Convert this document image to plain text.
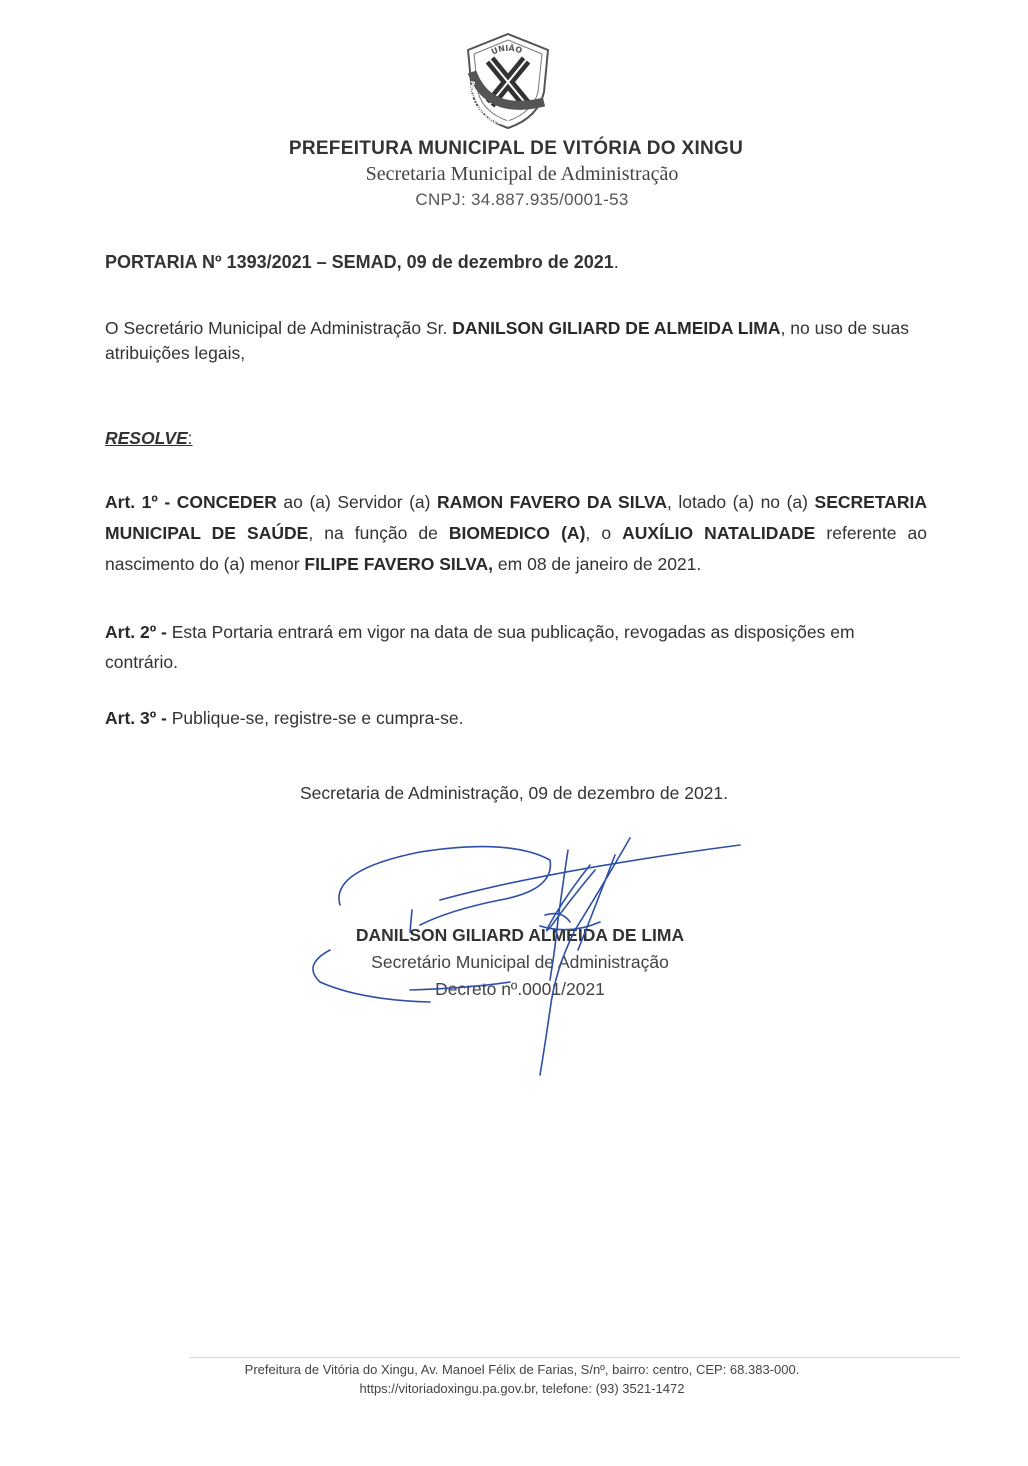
UNIÃO
PARA O PROGRESSO
PREFEITURA MUNICIPAL DE VITÓRIA DO XINGU
Secretaria Municipal de Administração
CNPJ: 34.887.935/0001-53
PORTARIA Nº 1393/2021 – SEMAD, 09 de dezembro de 2021.
O Secretário Municipal de Administração Sr. DANILSON GILIARD DE ALMEIDA LIMA, no uso de suas atribuições legais,
RESOLVE:
Art. 1º - CONCEDER ao (a) Servidor (a) RAMON FAVERO DA SILVA, lotado (a) no (a) SECRETARIA MUNICIPAL DE SAÚDE, na função de BIOMEDICO (A), o AUXÍLIO NATALIDADE referente ao nascimento do (a) menor FILIPE FAVERO SILVA, em 08 de janeiro de 2021.
Art. 2º - Esta Portaria entrará em vigor na data de sua publicação, revogadas as disposições em contrário.
Art. 3º - Publique-se, registre-se e cumpra-se.
Secretaria de Administração, 09 de dezembro de 2021.
DANILSON GILIARD ALMEIDA DE LIMA
Secretário Municipal de Administração
Decreto nº.0001/2021
Prefeitura de Vitória do Xingu, Av. Manoel Félix de Farias, S/nº, bairro: centro, CEP: 68.383-000.
https://vitoriadoxingu.pa.gov.br, telefone: (93) 3521-1472
